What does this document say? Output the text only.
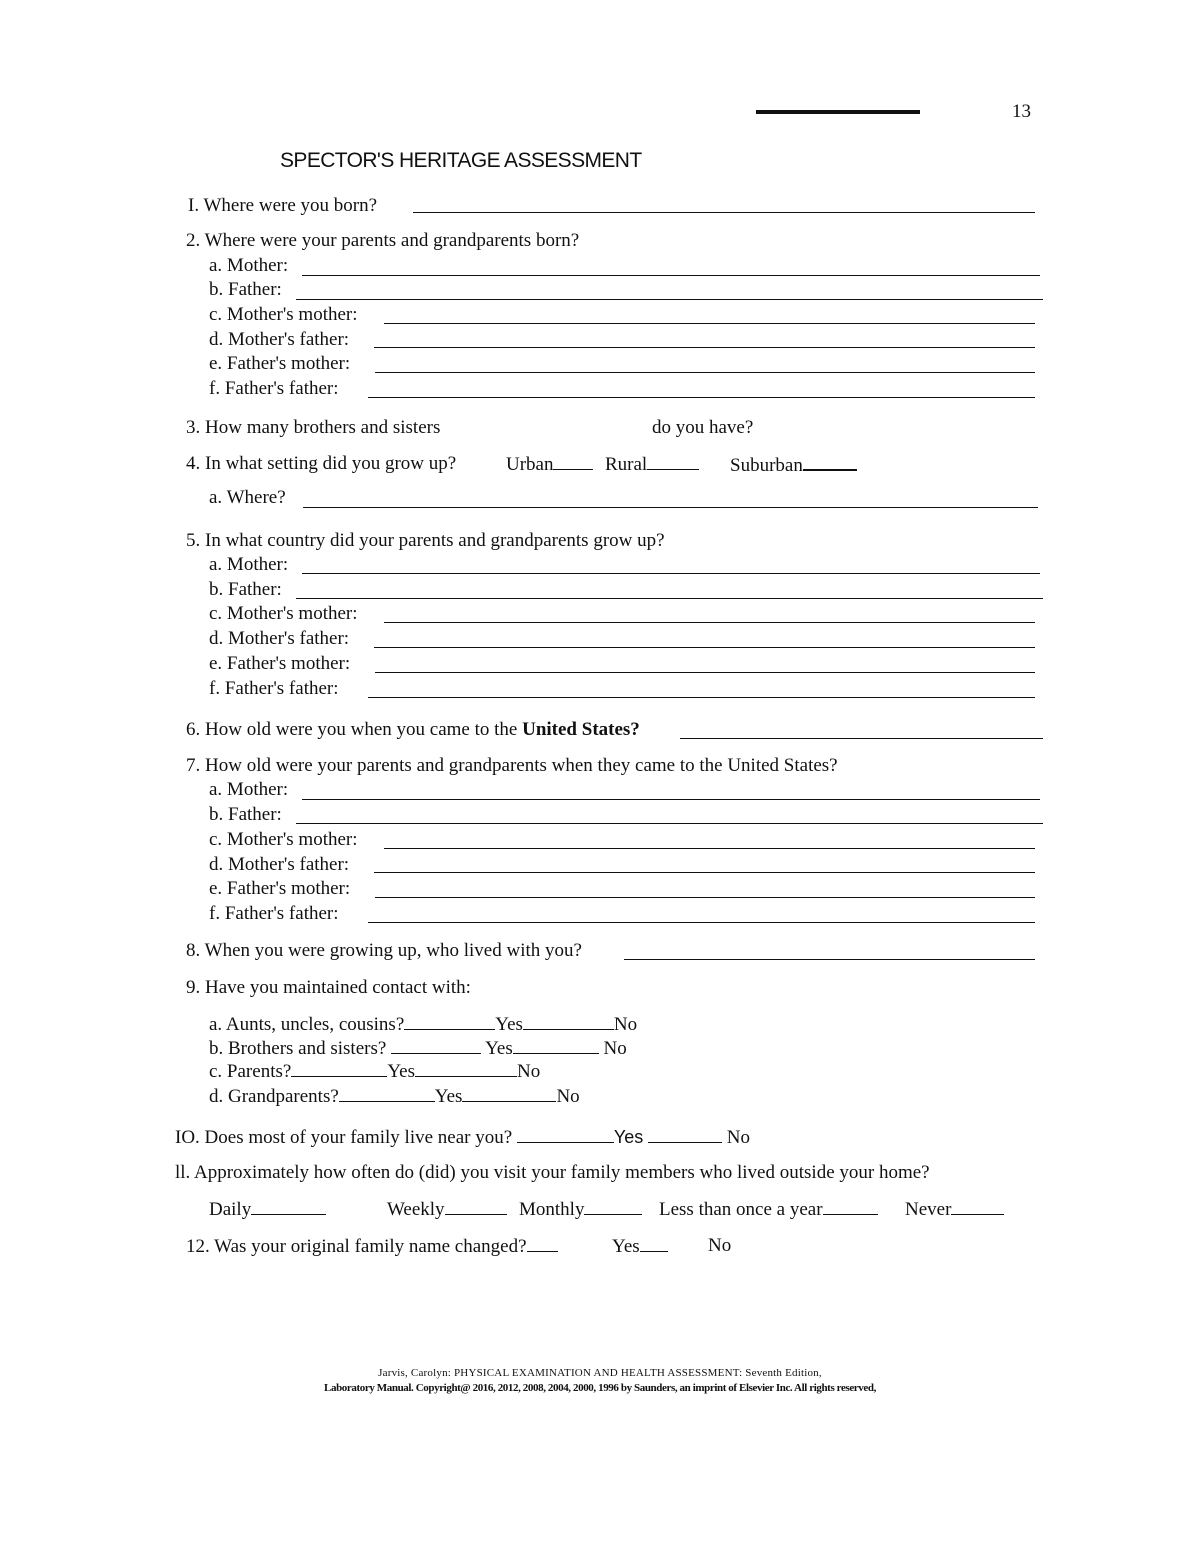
13
SPECTOR'S HERITAGE ASSESSMENT
I. Where were you born?
2. Where were your parents and grandparents born?
a. Mother:
b. Father:
c. Mother's mother:
d. Mother's father:
e. Father's mother:
f. Father's father:
3. How many brothers and sisters	do you have?
4. In what setting did you grow up?	Urban	Rural	Suburban
a. Where?
5. In what country did your parents and grandparents grow up?
a. Mother:
b. Father:
c. Mother's mother:
d. Mother's father:
e. Father's mother:
f. Father's father:
6. How old were you when you came to the United States?
7. How old were your parents and grandparents when they came to the United States?
a. Mother:
b. Father:
c. Mother's mother:
d. Mother's father:
e. Father's mother:
f. Father's father:
8. When you were growing up, who lived with you?
9. Have you maintained contact with:
a. Aunts, uncles, cousins?	Yes	No
b. Brothers and sisters?	Yes	No
c. Parents?	Yes	No
d. Grandparents?	Yes	No
IO. Does most of your family live near you?	Yes	No
ll. Approximately how often do (did) you visit your family members who lived outside your home?
Daily	Weekly	Monthly	Less than once a year	Never
12. Was your original family name changed?	Yes	No
Jarvis, Carolyn: PHYSICAL EXAMINATION AND HEALTH ASSESSMENT: Seventh Edition,
Laboratory Manual. Copyright@ 2016, 2012, 2008, 2004, 2000, 1996 by Saunders, an imprint of Elsevier Inc. All rights reserved,
